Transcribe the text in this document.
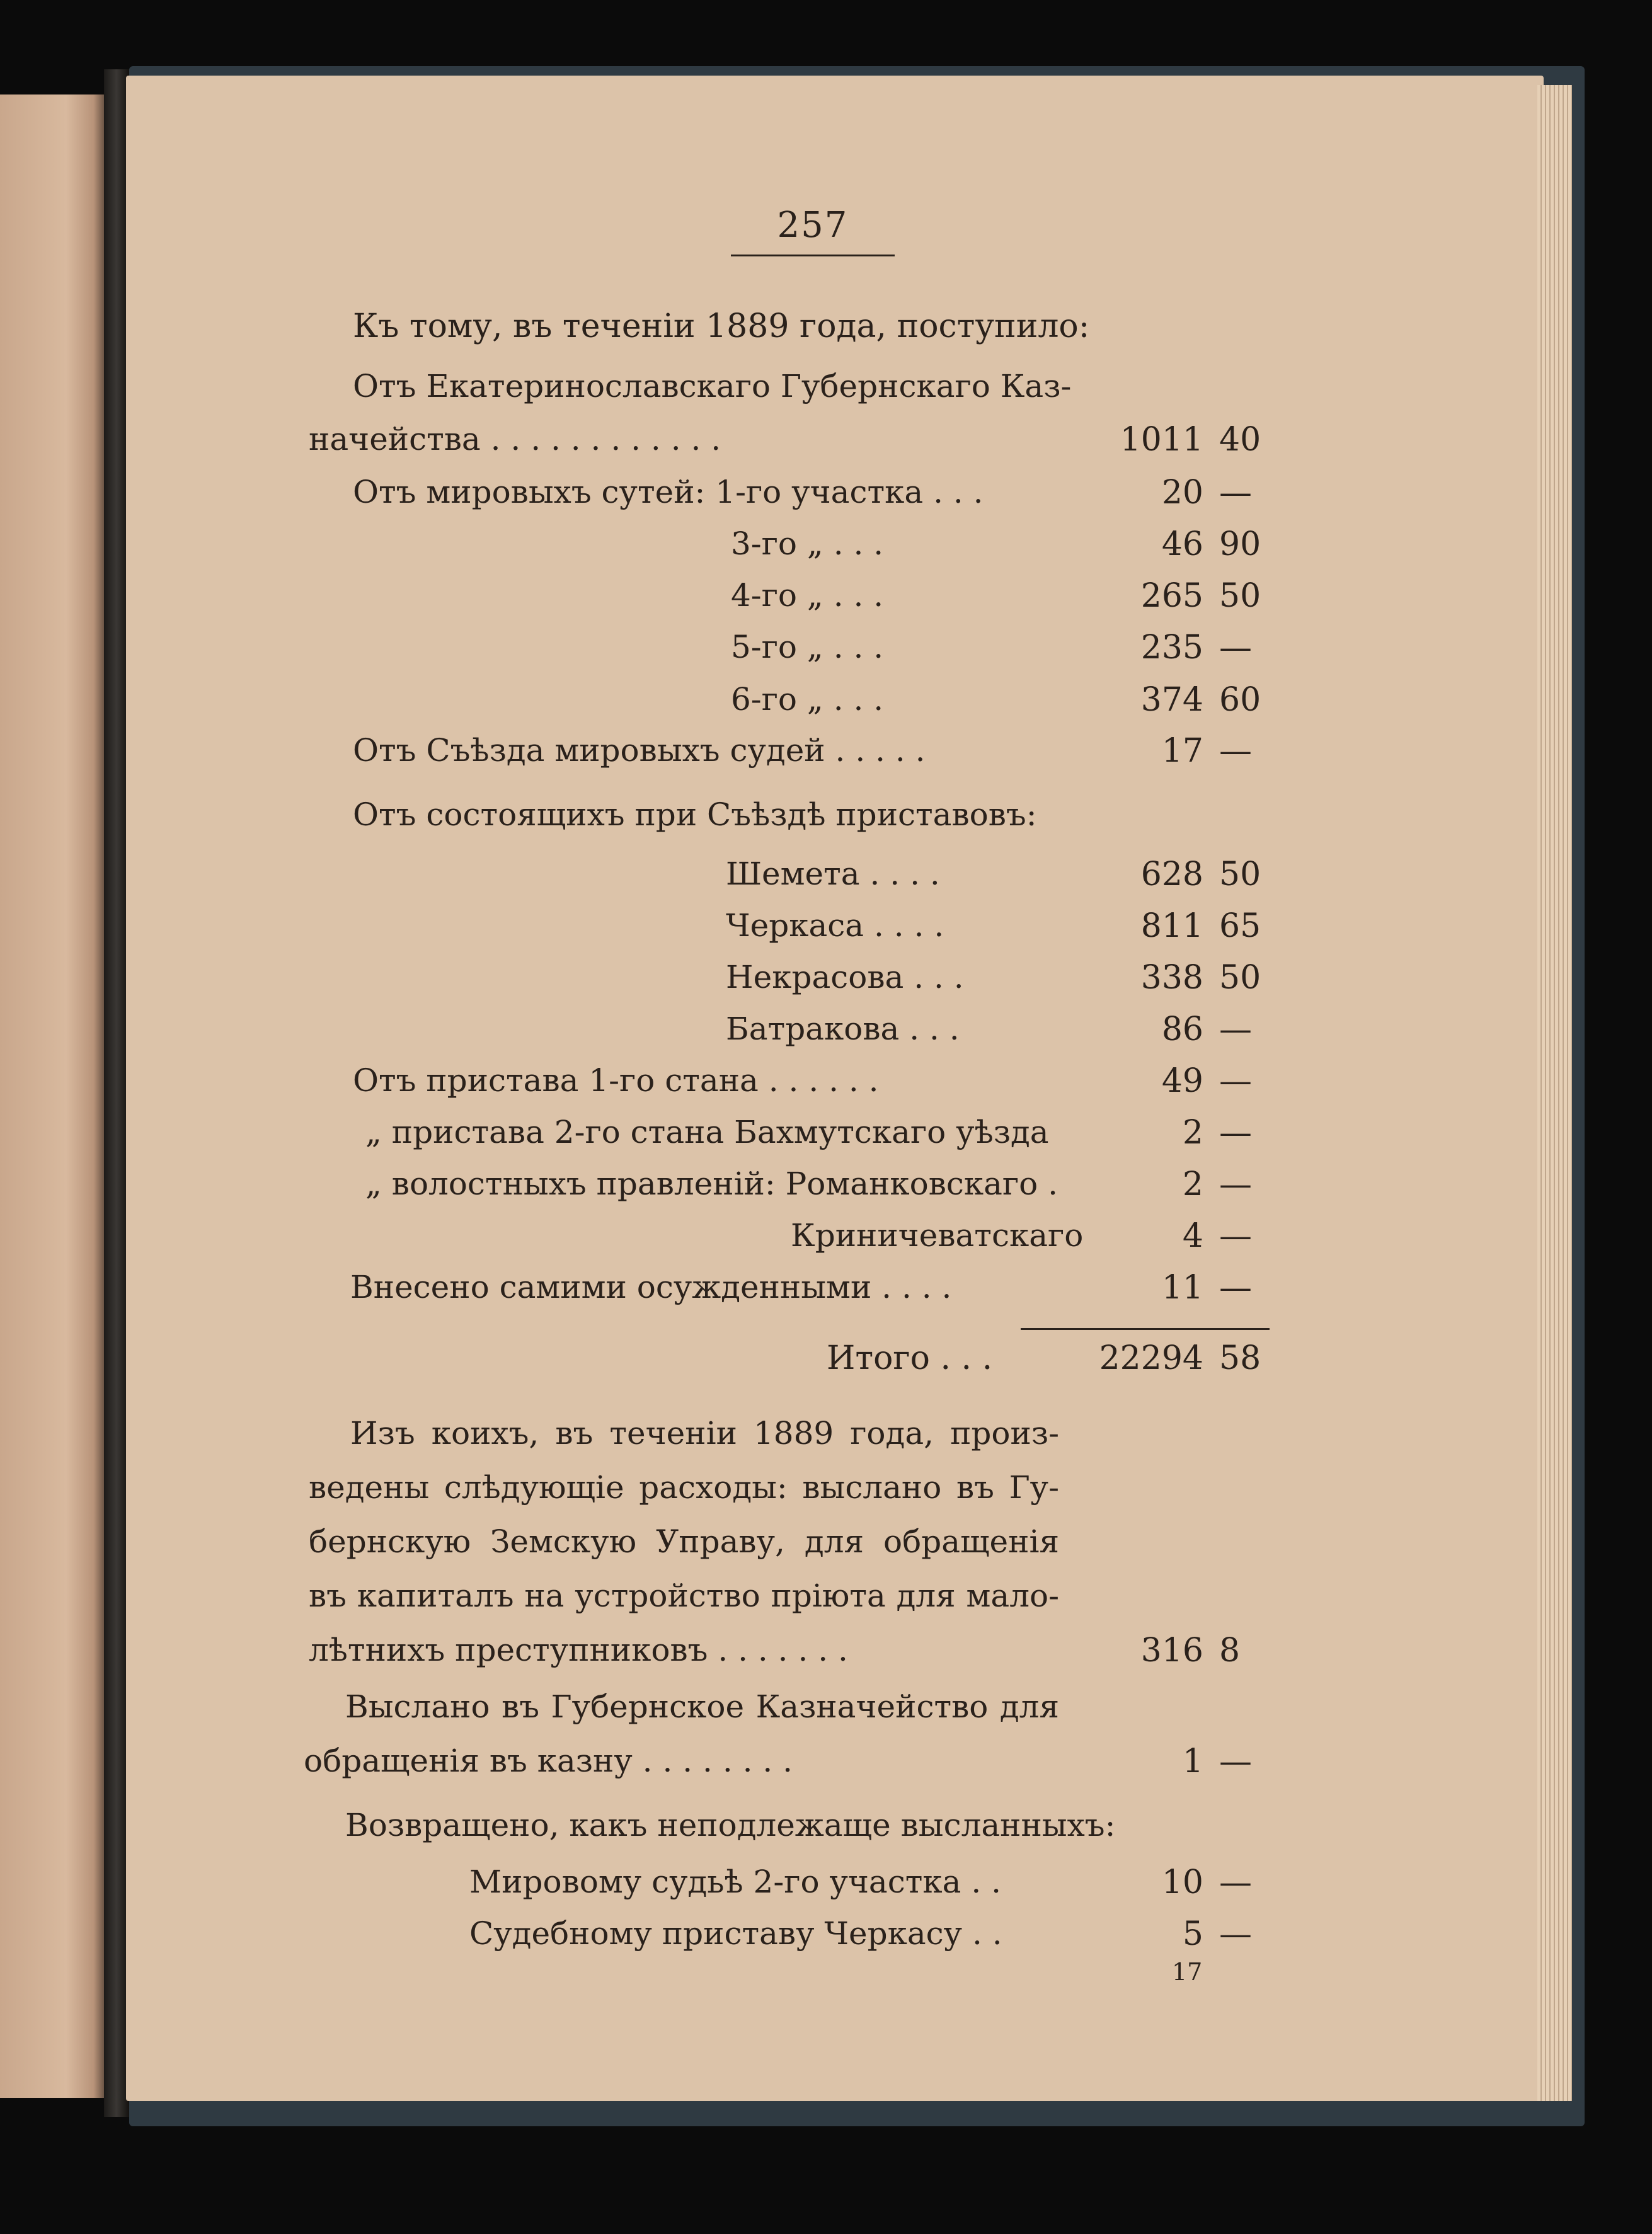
257
Къ тому, въ теченіи 1889 года, поступило:
Отъ Екатеринославскаго Губернскаго Каз-
начейства . . . . . . . . . . . .	1011 40
Отъ мировыхъ сутей: 1-го участка . . .	20 —
3-го „ . . .	46 90
4-го „ . . .	265 50
5-го „ . . .	235 —
6-го „ . . .	374 60
Отъ Съѣзда мировыхъ судей . . . . .	17 —
Отъ состоящихъ при Съѣздѣ приставовъ:
Шемета . . . .	628 50
Черкаса . . . .	811 65
Некрасова . . .	338 50
Батракова . . .	86 —
Отъ пристава 1-го стана . . . . . .	49 —
„ пристава 2-го стана Бахмутскаго уѣзда	2 —
„ волостныхъ правленій: Романковскаго .	2 —
Криничеватскаго	4 —
Внесено самими осужденными . . . .	11 —
Итого . . .	22294 58
Изъ коихъ, въ теченіи 1889 года, произ-
ведены слѣдующіе расходы: выслано въ Гу-
бернскую Земскую Управу, для обращенія
въ капиталъ на устройство пріюта для мало-
лѣтнихъ преступниковъ . . . . . . .	316 8
Выслано въ Губернское Казначейство для
обращенія въ казну . . . . . . . .	1 —
Возвращено, какъ неподлежаще высланныхъ:
Мировому судьѣ 2-го участка . .	10 —
Судебному приставу Черкасу . .	5 —
17
